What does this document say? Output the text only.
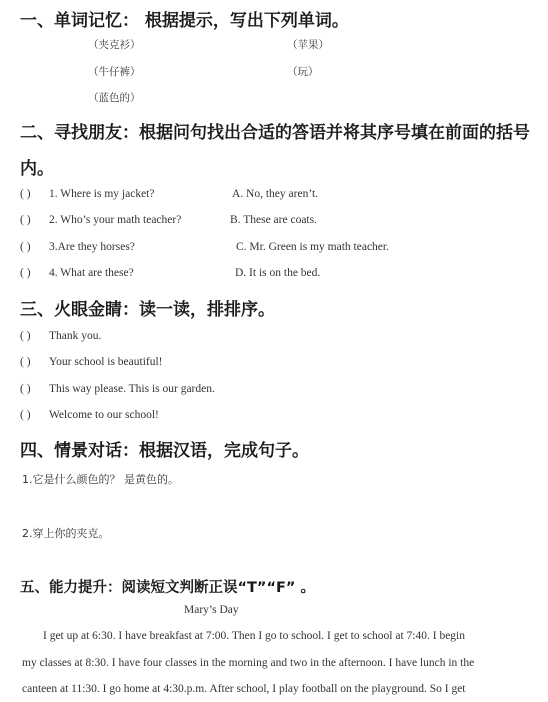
一、单词记忆： 根据提示，写出下列单词。
（夹克衫）	（苹果）
（牛仔裤）	（玩）
（蓝色的）
二、寻找朋友：根据问句找出合适的答语并将其序号填在前面的括号
内。
( ) 1. Where is my jacket?	A. No, they aren’t.
( ) 2. Who’s your math teacher?	B. These are coats.
( ) 3.Are they horses?	C. Mr. Green is my math teacher.
( ) 4. What are these?	D. It is on the bed.
三、火眼金睛：读一读，排排序。
( ) Thank you.
( ) Your school is beautiful!
( ) This way please. This is our garden.
( ) Welcome to our school!
四、情景对话：根据汉语，完成句子。
1.它是什么颜色的？ 是黄色的。
2.穿上你的夹克。
五、能力提升：阅读短文判断正误“T”“F” 。
Mary’s Day
I get up at 6:30. I have breakfast at 7:00. Then I go to school. I get to school at 7:40. I begin
my classes at 8:30. I have four classes in the morning and two in the afternoon. I have lunch in the
canteen at 11:30. I go home at 4:30.p.m. After school, I play football on the playground. So I get
